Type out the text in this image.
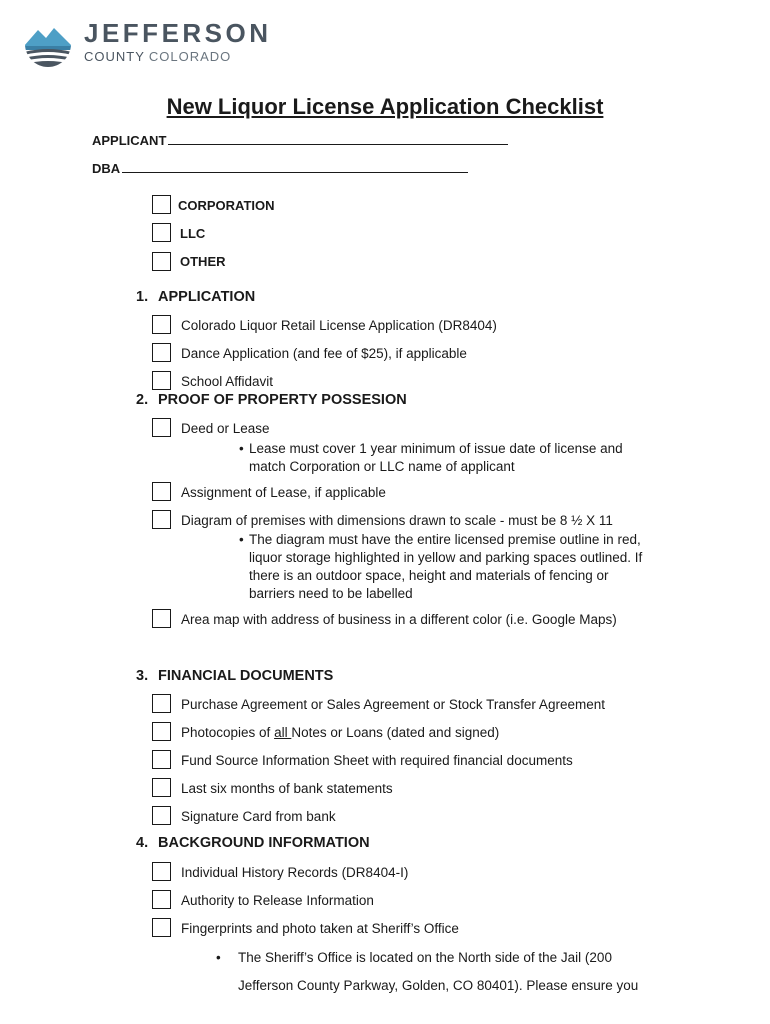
JEFFERSON
COUNTY COLORADO
New Liquor License Application Checklist
APPLICANT
DBA
CORPORATION
LLC
OTHER
1. APPLICATION
Colorado Liquor Retail License Application (DR8404)
Dance Application (and fee of $25), if applicable
School Affidavit
2. PROOF OF PROPERTY POSSESION
Deed or Lease
• Lease must cover 1 year minimum of issue date of license and
match Corporation or LLC name of applicant
Assignment of Lease, if applicable
Diagram of premises with dimensions drawn to scale - must be 8 ½ X 11
• The diagram must have the entire licensed premise outline in red,
liquor storage highlighted in yellow and parking spaces outlined. If
there is an outdoor space, height and materials of fencing or
barriers need to be labelled
Area map with address of business in a different color (i.e. Google Maps)
3. FINANCIAL DOCUMENTS
Purchase Agreement or Sales Agreement or Stock Transfer Agreement
Photocopies of all Notes or Loans (dated and signed)
Fund Source Information Sheet with required financial documents
Last six months of bank statements
Signature Card from bank
4. BACKGROUND INFORMATION
Individual History Records (DR8404-I)
Authority to Release Information
Fingerprints and photo taken at Sheriff’s Office
• The Sheriff’s Office is located on the North side of the Jail (200
Jefferson County Parkway, Golden, CO 80401). Please ensure you
